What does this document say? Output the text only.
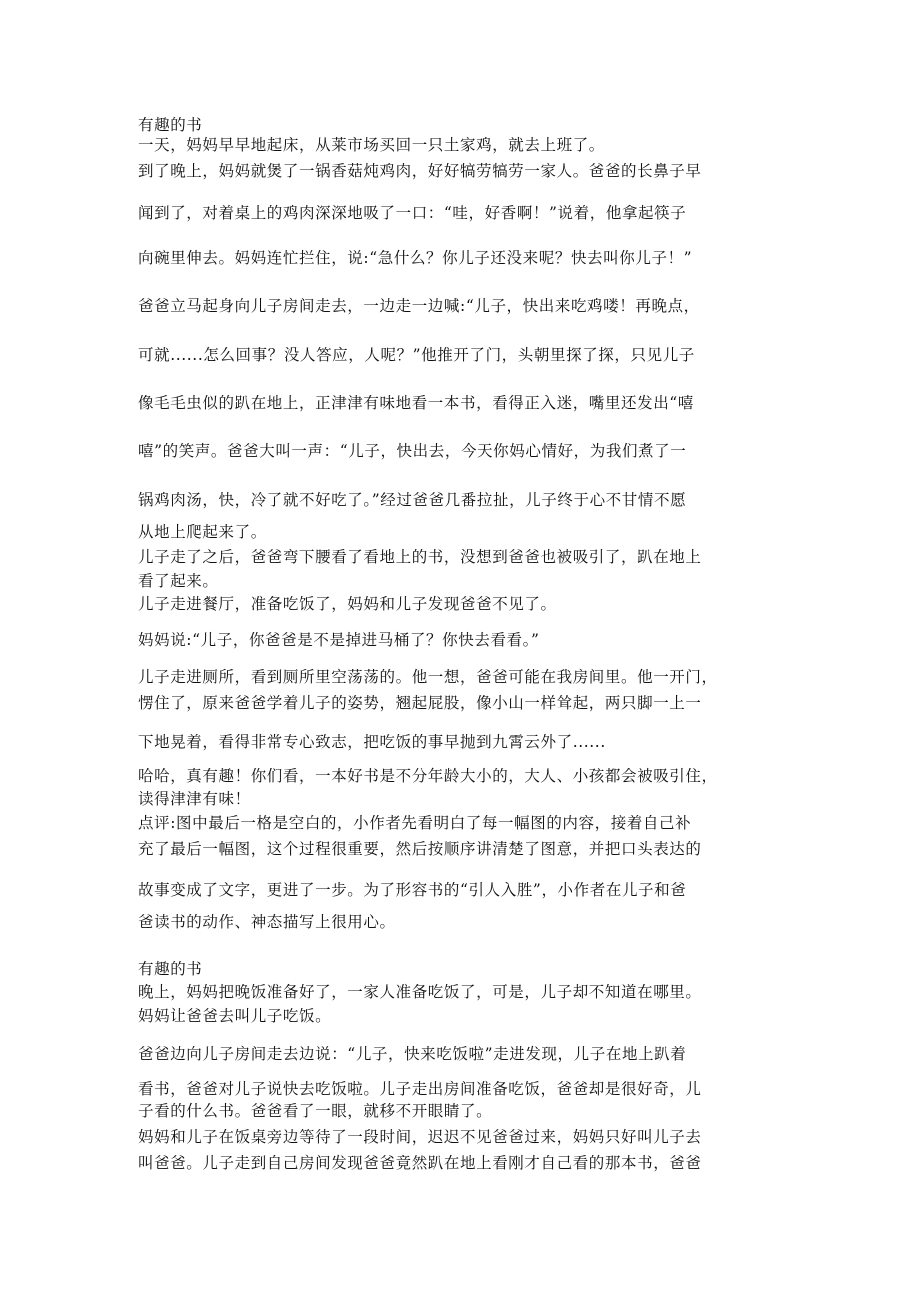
有趣的书
一天，妈妈早早地起床，从莱市场买回一只土家鸡，就去上班了。
到了晚上，妈妈就煲了一锅香菇炖鸡肉，好好犒劳犒劳一家人。爸爸的长鼻子早
闻到了，对着桌上的鸡肉深深地吸了一口：“哇，好香啊！”说着，他拿起筷子
向碗里伸去。妈妈连忙拦住，说:“急什么？你儿子还没来呢？快去叫你儿子！”
爸爸立马起身向儿子房间走去，一边走一边喊:“儿子，快出来吃鸡喽！再晚点，
可就......怎么回事？没人答应，人呢？”他推开了门，头朝里探了探，只见儿子
像毛毛虫似的趴在地上，正津津有味地看一本书，看得正入迷，嘴里还发出“嘻
嘻”的笑声。爸爸大叫一声：“儿子，快出去，今天你妈心情好，为我们煮了一
锅鸡肉汤，快，冷了就不好吃了。”经过爸爸几番拉扯，儿子终于心不甘情不愿
从地上爬起来了。
儿子走了之后，爸爸弯下腰看了看地上的书，没想到爸爸也被吸引了，趴在地上
看了起来。
儿子走进餐厅，准备吃饭了，妈妈和儿子发现爸爸不见了。
妈妈说:“儿子，你爸爸是不是掉进马桶了？你快去看看。”
儿子走进厕所，看到厕所里空荡荡的。他一想，爸爸可能在我房间里。他一开门，
愣住了，原来爸爸学着儿子的姿势，翘起屁股，像小山一样耸起，两只脚一上一
下地晃着，看得非常专心致志，把吃饭的事早抛到九霄云外了......
哈哈，真有趣！你们看，一本好书是不分年龄大小的，大人、小孩都会被吸引住，
读得津津有味！
点评:图中最后一格是空白的，小作者先看明白了每一幅图的内容，接着自己补
充了最后一幅图，这个过程很重要，然后按顺序讲清楚了图意，并把口头表达的
故事变成了文字，更进了一步。为了形容书的“引人入胜”，小作者在儿子和爸
爸读书的动作、神态描写上很用心。
有趣的书
晚上，妈妈把晚饭准备好了，一家人准备吃饭了，可是，儿子却不知道在哪里。
妈妈让爸爸去叫儿子吃饭。
爸爸边向儿子房间走去边说：“儿子，快来吃饭啦”走进发现，儿子在地上趴着
看书，爸爸对儿子说快去吃饭啦。儿子走出房间准备吃饭，爸爸却是很好奇，儿
子看的什么书。爸爸看了一眼，就移不开眼睛了。
妈妈和儿子在饭桌旁边等待了一段时间，迟迟不见爸爸过来，妈妈只好叫儿子去
叫爸爸。儿子走到自己房间发现爸爸竟然趴在地上看刚才自己看的那本书，爸爸
